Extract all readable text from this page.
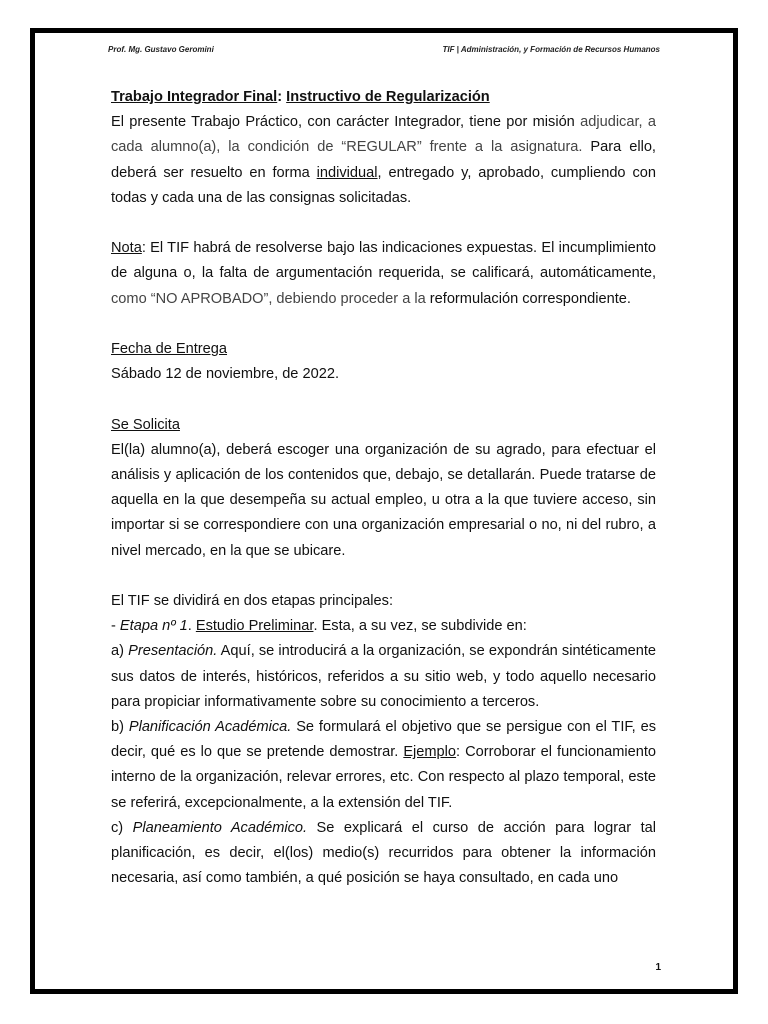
Prof. Mg. Gustavo Geromini	TIF | Administración, y Formación de Recursos Humanos

Trabajo Integrador Final: Instructivo de Regularización

El presente Trabajo Práctico, con carácter Integrador, tiene por misión adjudicar, a cada alumno(a), la condición de “REGULAR” frente a la asignatura. Para ello, deberá ser resuelto en forma individual, entregado y, aprobado, cumpliendo con todas y cada una de las consignas solicitadas.

Nota: El TIF habrá de resolverse bajo las indicaciones expuestas. El incumplimiento de alguna o, la falta de argumentación requerida, se calificará, automáticamente, como “NO APROBADO”, debiendo proceder a la reformulación correspondiente.

Fecha de Entrega

Sábado 12 de noviembre, de 2022.

Se Solicita

El(la) alumno(a), deberá escoger una organización de su agrado, para efectuar el análisis y aplicación de los contenidos que, debajo, se detallarán. Puede tratarse de aquella en la que desempeña su actual empleo, u otra a la que tuviere acceso, sin importar si se correspondiere con una organización empresarial o no, ni del rubro, a nivel mercado, en la que se ubicare.

El TIF se dividirá en dos etapas principales:

- Etapa nº 1. Estudio Preliminar. Esta, a su vez, se subdivide en:

a) Presentación. Aquí, se introducirá a la organización, se expondrán sintéticamente sus datos de interés, históricos, referidos a su sitio web, y todo aquello necesario para propiciar informativamente sobre su conocimiento a terceros.

b) Planificación Académica. Se formulará el objetivo que se persigue con el TIF, es decir, qué es lo que se pretende demostrar. Ejemplo: Corroborar el funcionamiento interno de la organización, relevar errores, etc. Con respecto al plazo temporal, este se referirá, excepcionalmente, a la extensión del TIF.

c) Planeamiento Académico. Se explicará el curso de acción para lograr tal planificación, es decir, el(los) medio(s) recurridos para obtener la información necesaria, así como también, a qué posición se haya consultado, en cada uno

1
